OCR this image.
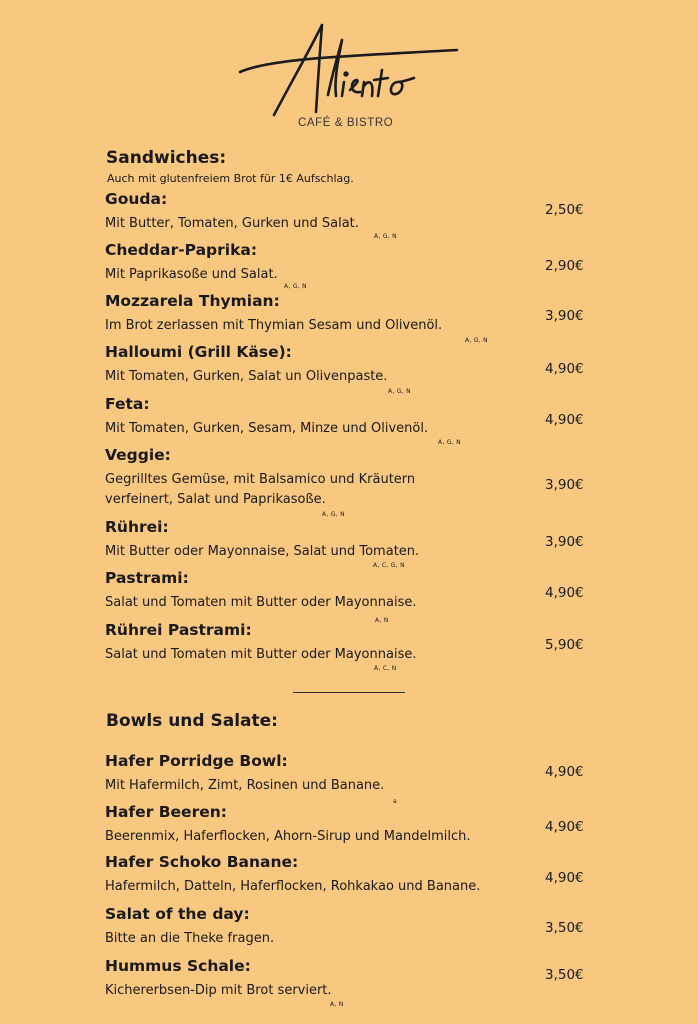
CAFÉ & BISTRO
Sandwiches:
Auch mit glutenfreiem Brot für 1€ Aufschlag.
Gouda:
Mit Butter, Tomaten, Gurken und Salat.
A, G, N
2,50€
Cheddar-Paprika:
Mit Paprikasoße und Salat.
A, G, N
2,90€
Mozzarela Thymian:
Im Brot zerlassen mit Thymian Sesam und Olivenöl.
A, G, N
3,90€
Halloumi (Grill Käse):
Mit Tomaten, Gurken, Salat un Olivenpaste.
A, G, N
4,90€
Feta:
Mit Tomaten, Gurken, Sesam, Minze und Olivenöl.
A, G, N
4,90€
Veggie:
Gegrilltes Gemüse, mit Balsamico und Kräutern
verfeinert, Salat und Paprikasoße.
A, G, N
3,90€
Rührei:
Mit Butter oder Mayonnaise, Salat und Tomaten.
A, C, G, N
3,90€
Pastrami:
Salat und Tomaten mit Butter oder Mayonnaise.
A, N
4,90€
Rührei Pastrami:
Salat und Tomaten mit Butter oder Mayonnaise.
A, C, N
5,90€
Bowls und Salate:
Hafer Porridge Bowl:
Mit Hafermilch, Zimt, Rosinen und Banane.
a
4,90€
Hafer Beeren:
Beerenmix, Haferflocken, Ahorn-Sirup und Mandelmilch.
4,90€
Hafer Schoko Banane:
Hafermilch, Datteln, Haferflocken, Rohkakao und Banane.
4,90€
Salat of the day:
Bitte an die Theke fragen.
3,50€
Hummus Schale:
Kichererbsen-Dip mit Brot serviert.
A, N
3,50€
